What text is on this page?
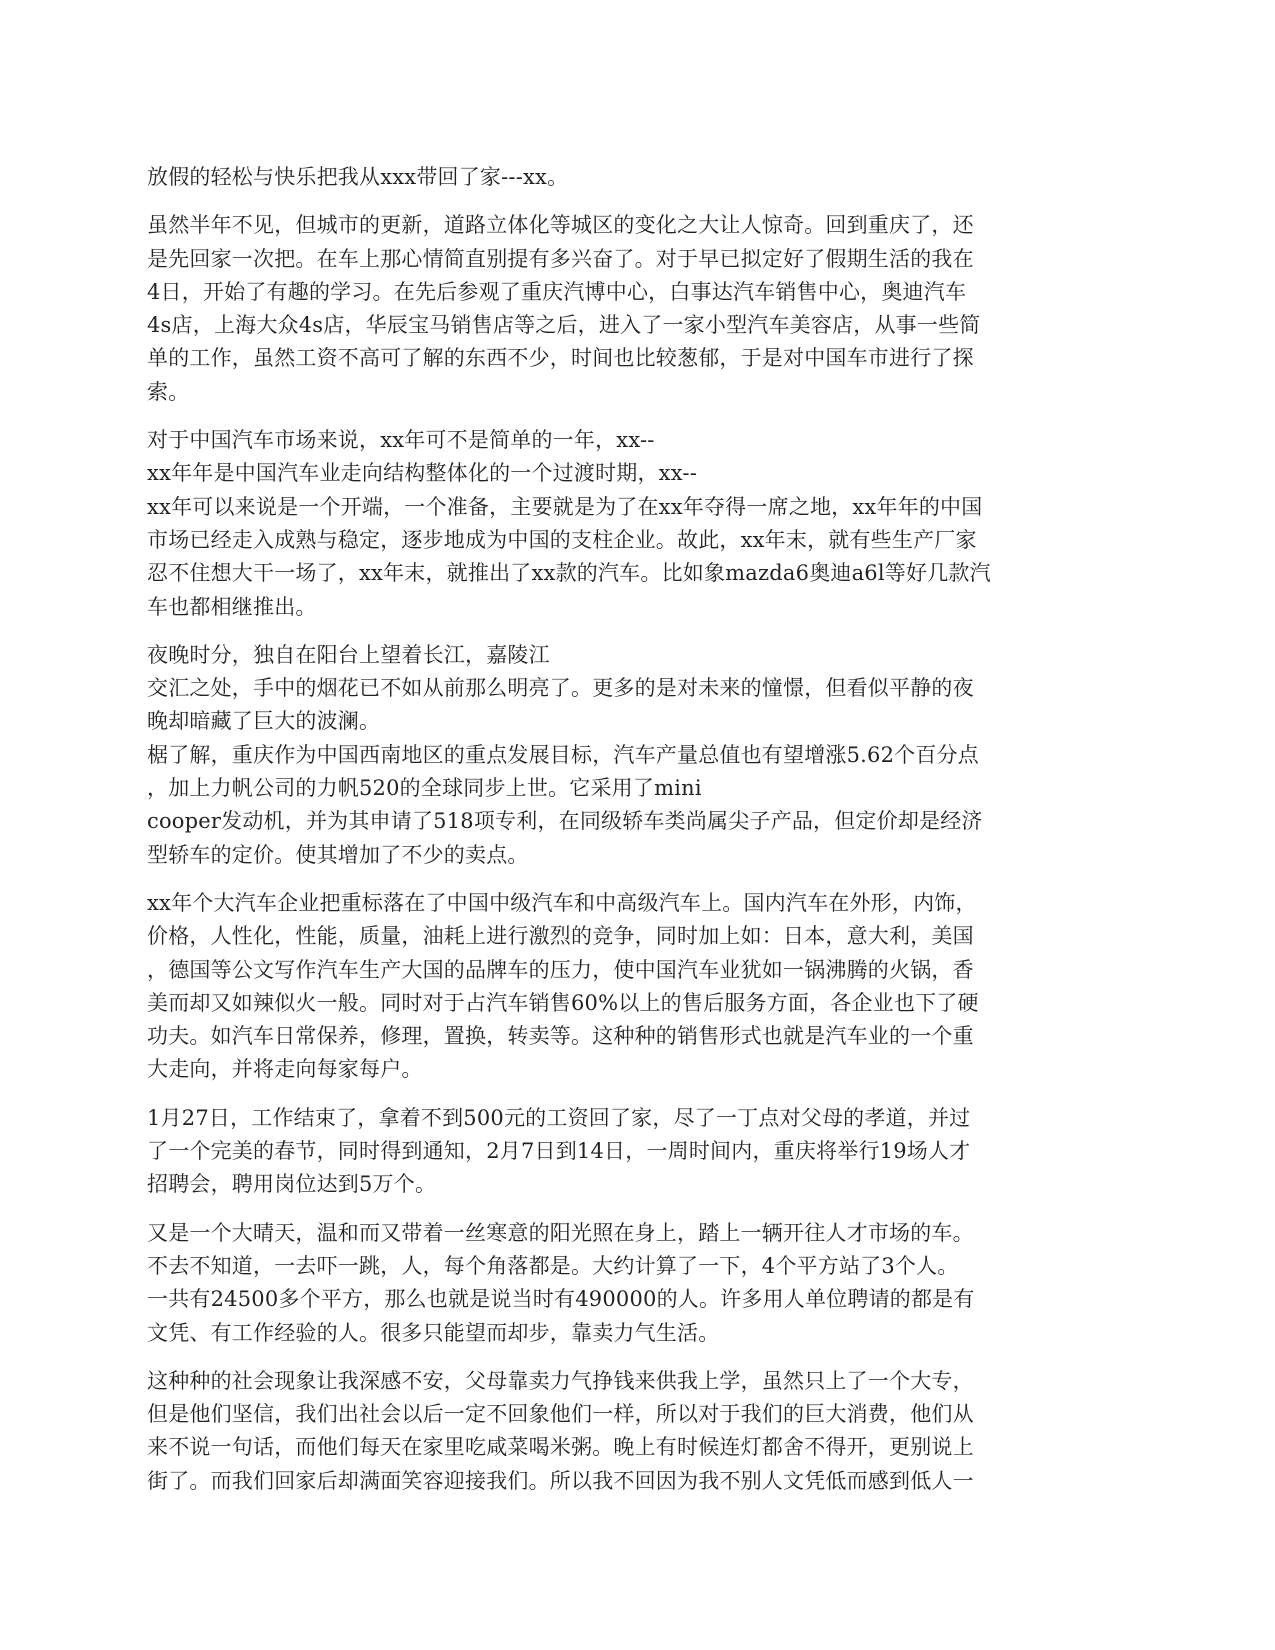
放假的轻松与快乐把我从xxx带回了家---xx。
虽然半年不见，但城市的更新，道路立体化等城区的变化之大让人惊奇。回到重庆了，还
是先回家一次把。在车上那心情简直别提有多兴奋了。对于早已拟定好了假期生活的我在
4日，开始了有趣的学习。在先后参观了重庆汽博中心，白事达汽车销售中心，奥迪汽车
4s店，上海大众4s店，华辰宝马销售店等之后，进入了一家小型汽车美容店，从事一些简
单的工作，虽然工资不高可了解的东西不少，时间也比较葱郁，于是对中国车市进行了探
索。
对于中国汽车市场来说，xx年可不是简单的一年，xx--
xx年年是中国汽车业走向结构整体化的一个过渡时期，xx--
xx年可以来说是一个开端，一个准备，主要就是为了在xx年夺得一席之地，xx年年的中国
市场已经走入成熟与稳定，逐步地成为中国的支柱企业。故此，xx年末，就有些生产厂家
忍不住想大干一场了，xx年末，就推出了xx款的汽车。比如象mazda6奥迪a6l等好几款汽
车也都相继推出。
夜晚时分，独自在阳台上望着长江，嘉陵江
交汇之处，手中的烟花已不如从前那么明亮了。更多的是对未来的憧憬，但看似平静的夜
晚却暗藏了巨大的波澜。
椐了解，重庆作为中国西南地区的重点发展目标，汽车产量总值也有望增涨5.62个百分点
，加上力帆公司的力帆520的全球同步上世。它采用了mini
cooper发动机，并为其申请了518项专利，在同级轿车类尚属尖子产品，但定价却是经济
型轿车的定价。使其增加了不少的卖点。
xx年个大汽车企业把重标落在了中国中级汽车和中高级汽车上。国内汽车在外形，内饰，
价格，人性化，性能，质量，油耗上进行激烈的竞争，同时加上如：日本，意大利，美国
，德国等公文写作汽车生产大国的品牌车的压力，使中国汽车业犹如一锅沸腾的火锅，香
美而却又如辣似火一般。同时对于占汽车销售60%以上的售后服务方面，各企业也下了硬
功夫。如汽车日常保养，修理，置换，转卖等。这种种的销售形式也就是汽车业的一个重
大走向，并将走向每家每户。
1月27日，工作结束了，拿着不到500元的工资回了家，尽了一丁点对父母的孝道，并过
了一个完美的春节，同时得到通知，2月7日到14日，一周时间内，重庆将举行19场人才
招聘会，聘用岗位达到5万个。
又是一个大晴天，温和而又带着一丝寒意的阳光照在身上，踏上一辆开往人才市场的车。
不去不知道，一去吓一跳，人，每个角落都是。大约计算了一下，4个平方站了3个人。
一共有24500多个平方，那么也就是说当时有490000的人。许多用人单位聘请的都是有
文凭、有工作经验的人。很多只能望而却步，靠卖力气生活。
这种种的社会现象让我深感不安，父母靠卖力气挣钱来供我上学，虽然只上了一个大专，
但是他们坚信，我们出社会以后一定不回象他们一样，所以对于我们的巨大消费，他们从
来不说一句话，而他们每天在家里吃咸菜喝米粥。晚上有时候连灯都舍不得开，更别说上
街了。而我们回家后却满面笑容迎接我们。所以我不回因为我不别人文凭低而感到低人一
